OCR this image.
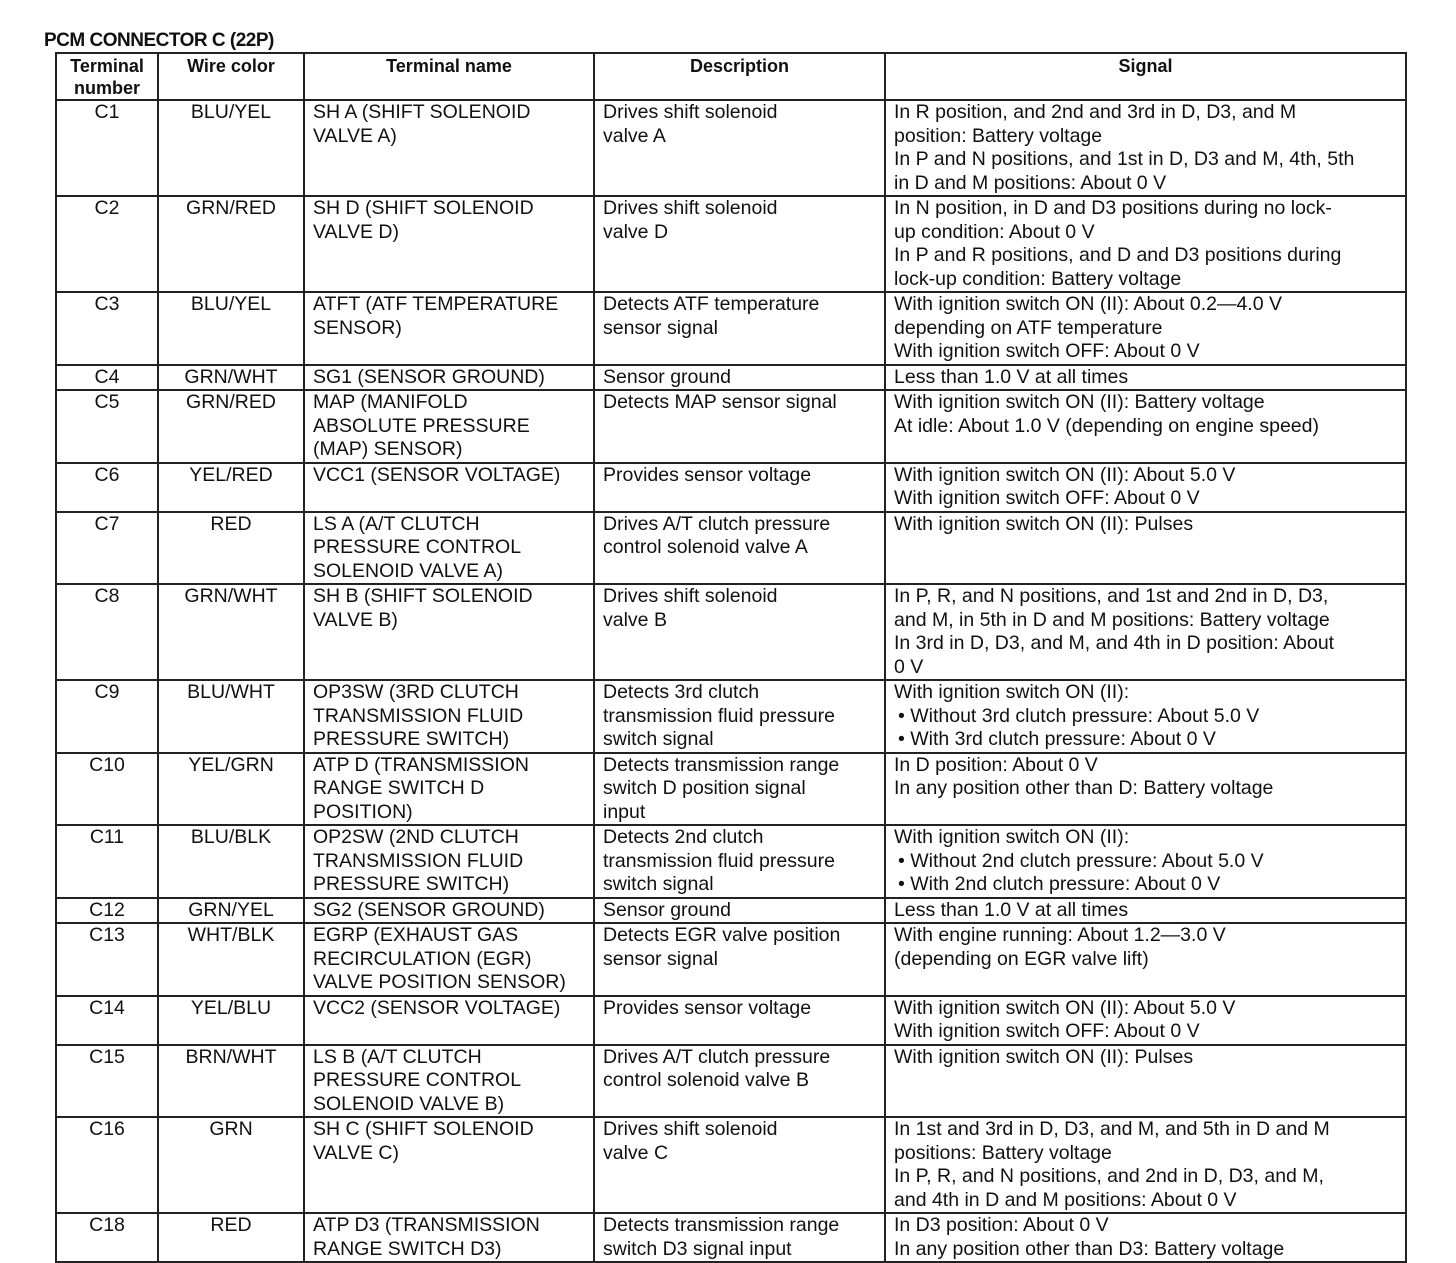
PCM CONNECTOR C (22P)
Terminal
number	Wire color	Terminal name	Description	Signal
C1	BLU/YEL	SH A (SHIFT SOLENOID
VALVE A)	Drives shift solenoid
valve A	In R position, and 2nd and 3rd in D, D3, and M
position: Battery voltage
In P and N positions, and 1st in D, D3 and M, 4th, 5th
in D and M positions: About 0 V

C2	GRN/RED	SH D (SHIFT SOLENOID
VALVE D)	Drives shift solenoid
valve D	In N position, in D and D3 positions during no lock-
up condition: About 0 V
In P and R positions, and D and D3 positions during
lock-up condition: Battery voltage

C3	BLU/YEL	ATFT (ATF TEMPERATURE
SENSOR)	Detects ATF temperature
sensor signal	With ignition switch ON (II): About 0.2—4.0 V
depending on ATF temperature
With ignition switch OFF: About 0 V

C4	GRN/WHT	SG1 (SENSOR GROUND)	Sensor ground	Less than 1.0 V at all times

C5	GRN/RED	MAP (MANIFOLD
ABSOLUTE PRESSURE
(MAP) SENSOR)	Detects MAP sensor signal	With ignition switch ON (II): Battery voltage
At idle: About 1.0 V (depending on engine speed)

C6	YEL/RED	VCC1 (SENSOR VOLTAGE)	Provides sensor voltage	With ignition switch ON (II): About 5.0 V
With ignition switch OFF: About 0 V

C7	RED	LS A (A/T CLUTCH
PRESSURE CONTROL
SOLENOID VALVE A)	Drives A/T clutch pressure
control solenoid valve A	With ignition switch ON (II): Pulses

C8	GRN/WHT	SH B (SHIFT SOLENOID
VALVE B)	Drives shift solenoid
valve B	In P, R, and N positions, and 1st and 2nd in D, D3,
and M, in 5th in D and M positions: Battery voltage
In 3rd in D, D3, and M, and 4th in D position: About
0 V

C9	BLU/WHT	OP3SW (3RD CLUTCH
TRANSMISSION FLUID
PRESSURE SWITCH)	Detects 3rd clutch
transmission fluid pressure
switch signal	With ignition switch ON (II):
• Without 3rd clutch pressure: About 5.0 V
• With 3rd clutch pressure: About 0 V

C10	YEL/GRN	ATP D (TRANSMISSION
RANGE SWITCH D
POSITION)	Detects transmission range
switch D position signal
input	In D position: About 0 V
In any position other than D: Battery voltage

C11	BLU/BLK	OP2SW (2ND CLUTCH
TRANSMISSION FLUID
PRESSURE SWITCH)	Detects 2nd clutch
transmission fluid pressure
switch signal	With ignition switch ON (II):
• Without 2nd clutch pressure: About 5.0 V
• With 2nd clutch pressure: About 0 V

C12	GRN/YEL	SG2 (SENSOR GROUND)	Sensor ground	Less than 1.0 V at all times

C13	WHT/BLK	EGRP (EXHAUST GAS
RECIRCULATION (EGR)
VALVE POSITION SENSOR)	Detects EGR valve position
sensor signal	With engine running: About 1.2—3.0 V
(depending on EGR valve lift)

C14	YEL/BLU	VCC2 (SENSOR VOLTAGE)	Provides sensor voltage	With ignition switch ON (II): About 5.0 V
With ignition switch OFF: About 0 V

C15	BRN/WHT	LS B (A/T CLUTCH
PRESSURE CONTROL
SOLENOID VALVE B)	Drives A/T clutch pressure
control solenoid valve B	With ignition switch ON (II): Pulses

C16	GRN	SH C (SHIFT SOLENOID
VALVE C)	Drives shift solenoid
valve C	In 1st and 3rd in D, D3, and M, and 5th in D and M
positions: Battery voltage
In P, R, and N positions, and 2nd in D, D3, and M,
and 4th in D and M positions: About 0 V

C18	RED	ATP D3 (TRANSMISSION
RANGE SWITCH D3)	Detects transmission range
switch D3 signal input	In D3 position: About 0 V
In any position other than D3: Battery voltage
